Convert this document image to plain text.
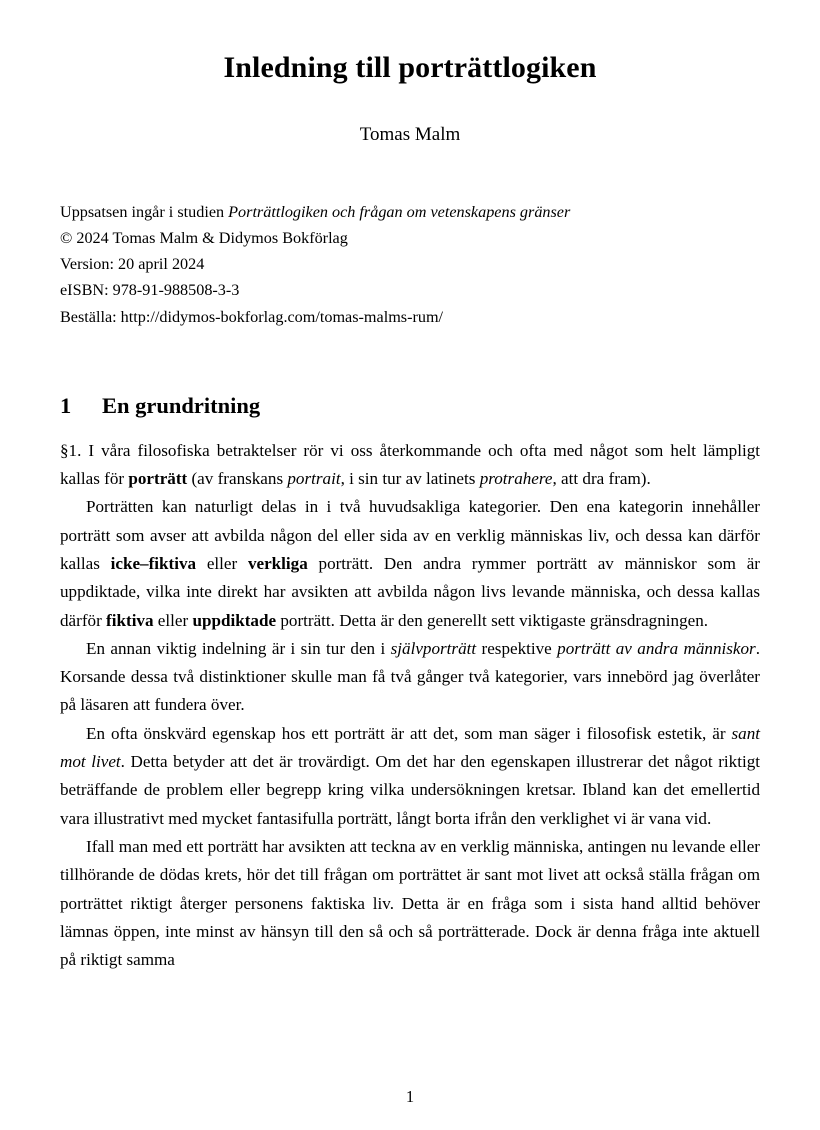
Inledning till porträttlogiken
Tomas Malm
Uppsatsen ingår i studien Porträttlogiken och frågan om vetenskapens gränser
© 2024 Tomas Malm & Didymos Bokförlag
Version: 20 april 2024
eISBN: 978-91-988508-3-3
Beställa: http://didymos-bokforlag.com/tomas-malms-rum/
1	En grundritning

§1. I våra filosofiska betraktelser rör vi oss återkommande och ofta med något som helt lämpligt kallas för porträtt (av franskans portrait, i sin tur av latinets protrahere, att dra fram).

Porträtten kan naturligt delas in i två huvudsakliga kategorier. Den ena kategorin innehåller porträtt som avser att avbilda någon del eller sida av en verklig människas liv, och dessa kan därför kallas icke–fiktiva eller verkliga porträtt. Den andra rymmer porträtt av människor som är uppdiktade, vilka inte direkt har avsikten att avbilda någon livs levande människa, och dessa kallas därför fiktiva eller uppdiktade porträtt. Detta är den generellt sett viktigaste gränsdragningen.

En annan viktig indelning är i sin tur den i självporträtt respektive porträtt av andra människor. Korsande dessa två distinktioner skulle man få två gånger två kategorier, vars innebörd jag överlåter på läsaren att fundera över.

En ofta önskvärd egenskap hos ett porträtt är att det, som man säger i filosofisk estetik, är sant mot livet. Detta betyder att det är trovärdigt. Om det har den egenskapen illustrerar det något riktigt beträffande de problem eller begrepp kring vilka undersökningen kretsar. Ibland kan det emellertid vara illustrativt med mycket fantasifulla porträtt, långt borta ifrån den verklighet vi är vana vid.

Ifall man med ett porträtt har avsikten att teckna av en verklig människa, antingen nu levande eller tillhörande de dödas krets, hör det till frågan om porträttet är sant mot livet att också ställa frågan om porträttet riktigt återger personens faktiska liv. Detta är en fråga som i sista hand alltid behöver lämnas öppen, inte minst av hänsyn till den så och så porträtterade. Dock är denna fråga inte aktuell på riktigt samma

1
